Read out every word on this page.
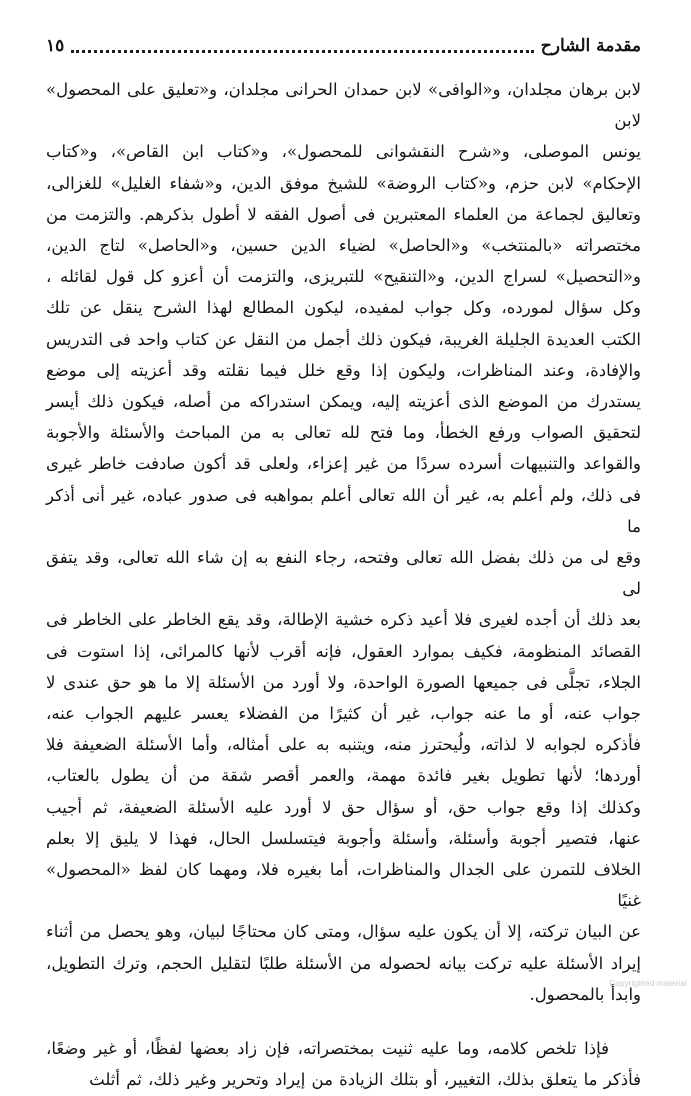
مقدمة الشارح
١٥
لابن برهان مجلدان، و«الوافى» لابن حمدان الحرانى مجلدان، و«تعليق على المحصول» لابن
يونس الموصلى، و«شرح النقشوانى للمحصول»، و«كتاب ابن القاص»، و«كتاب
الإحكام» لابن حزم، و«كتاب الروضة» للشيخ موفق الدين، و«شفاء الغليل» للغزالى،
وتعاليق لجماعة من العلماء المعتبرين فى أصول الفقه لا أطول بذكرهم. والتزمت من
مختصراته «بالمنتخب» و«الحاصل» لضياء الدين حسين، و«الحاصل» لتاج الدين،
و«التحصيل» لسراج الدين، و«التنقيح» للتبريزى، والتزمت أن أعزو كل قول لقائله ،
وكل سؤال لمورده، وكل جواب لمفيده، ليكون المطالع لهذا الشرح ينقل عن تلك
الكتب العديدة الجليلة الغريبة، فيكون ذلك أجمل من النقل عن كتاب واحد فى التدريس
والإفادة، وعند المناظرات، وليكون إذا وقع خلل فيما نقلته وقد أعزيته إلى موضع
يستدرك من الموضع الذى أعزيته إليه، ويمكن استدراكه من أصله، فيكون ذلك أيسر
لتحقيق الصواب ورفع الخطأ، وما فتح لله تعالى به من المباحث والأسئلة والأجوبة
والقواعد والتنبيهات أسرده سردًا من غير إعزاء، ولعلى قد أكون صادفت خاطر غيرى
فى ذلك، ولم أعلم به، غير أن الله تعالى أعلم بمواهبه فى صدور عباده، غير أنى أذكر ما
وقع لى من ذلك بفضل الله تعالى وفتحه، رجاء النفع به إن شاء الله تعالى، وقد يتفق لى
بعد ذلك أن أجده لغيرى فلا أعيد ذكره خشية الإطالة، وقد يقع الخاطر على الخاطر فى
القصائد المنظومة، فكيف بموارد العقول، فإنه أقرب لأنها كالمرائى، إذا استوت فى
الجلاء، تجلَّى فى جميعها الصورة الواحدة، ولا أورد من الأسئلة إلا ما هو حق عندى لا
جواب عنه، أو ما عنه جواب، غير أن كثيرًا من الفضلاء يعسر عليهم الجواب عنه،
فأذكره لجوابه لا لذاته، ولُيحترز منه، ويتنبه به على أمثاله، وأما الأسئلة الضعيفة فلا
أوردها؛ لأنها تطويل بغير فائدة مهمة، والعمر أقصر شقة من أن يطول بالعتاب،
وكذلك إذا وقع جواب حق، أو سؤال حق لا أورد عليه الأسئلة الضعيفة، ثم أجيب
عنها، فتصير أجوبة وأسئلة، وأسئلة وأجوبة فيتسلسل الحال، فهذا لا يليق إلا بعلم
الخلاف للتمرن على الجدال والمناظرات، أما بغيره فلا، ومهما كان لفظ «المحصول» غنيًا
عن البيان تركته، إلا أن يكون عليه سؤال، ومتى كان محتاجًا لبيان، وهو يحصل من أثناء
إيراد الأسئلة عليه تركت بيانه لحصوله من الأسئلة طلبًا لتقليل الحجم، وترك التطويل،
وابدأ بالمحصول.
فإذا تلخص كلامه، وما عليه ثنيت بمختصراته، فإن زاد بعضها لفظًا، أو غير وضعًا،
فأذكر ما يتعلق بذلك، التغيير، أو بتلك الزيادة من إيراد وتحرير وغير ذلك، ثم أثلث
Copyrighted material
